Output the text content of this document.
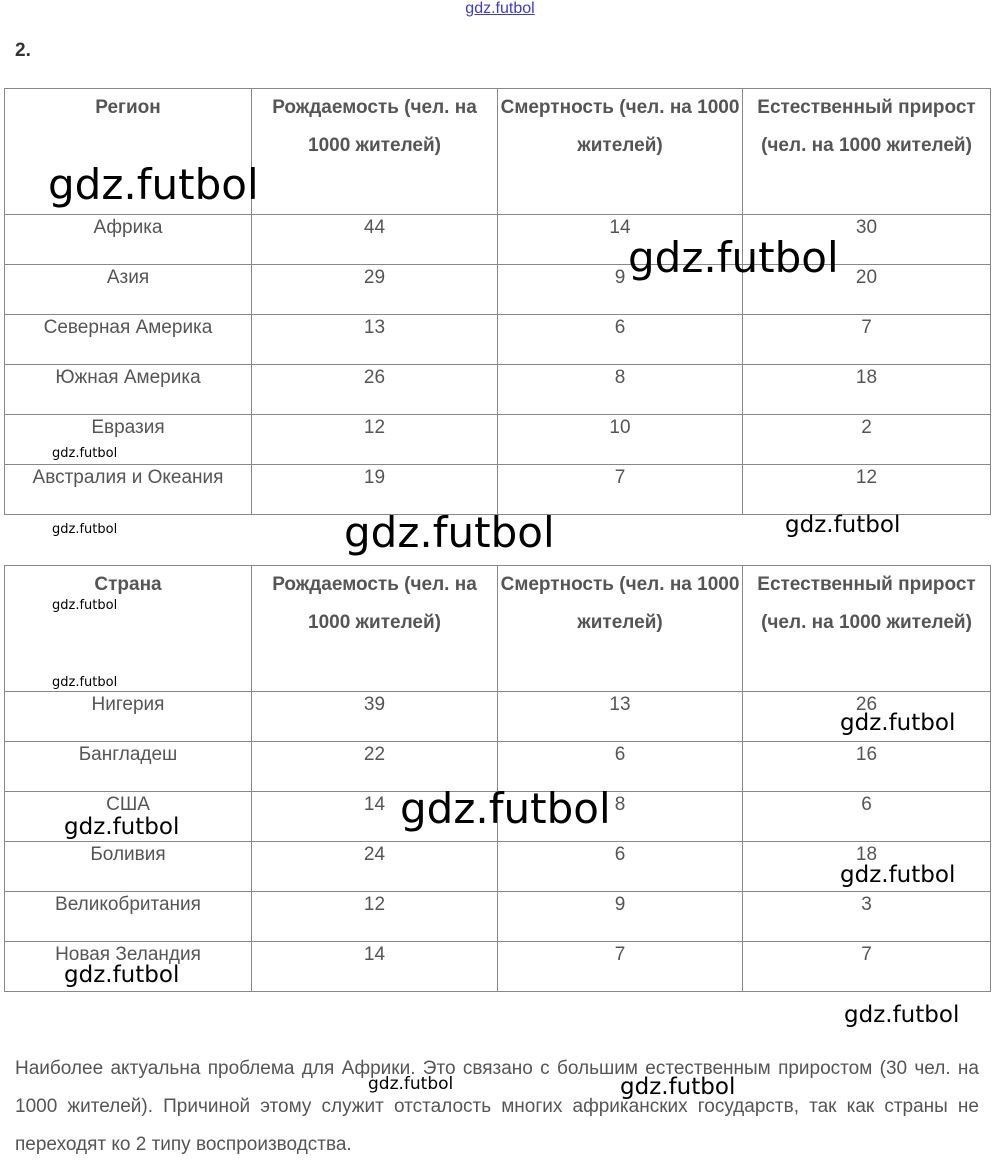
gdz.futbol
2.
Регион	Рождаемость (чел. на 1000 жителей)	Смертность (чел. на 1000 жителей)	Естественный прирост (чел. на 1000 жителей)
Африка	44	14	30
Азия	29	9	20
Северная Америка	13	6	7
Южная Америка	26	8	18
Евразия	12	10	2
Австралия и Океания	19	7	12
Страна	Рождаемость (чел. на 1000 жителей)	Смертность (чел. на 1000 жителей)	Естественный прирост (чел. на 1000 жителей)
Нигерия	39	13	26
Бангладеш	22	6	16
США	14	8	6
Боливия	24	6	18
Великобритания	12	9	3
Новая Зеландия	14	7	7
Наиболее актуальна проблема для Африки. Это связано с большим естественным приростом (30 чел. на 1000 жителей). Причиной этому служит отсталость многих африканских государств, так как страны не переходят ко 2 типу воспроизводства.
gdz.futbol
gdz.futbol
gdz.futbol
gdz.futbol	gdz.futbol	gdz.futbol
gdz.futbol
gdz.futbol
gdz.futbol
gdz.futbol
gdz.futbol
gdz.futbol
gdz.futbol
gdz.futbol
gdz.futbol	gdz.futbol
